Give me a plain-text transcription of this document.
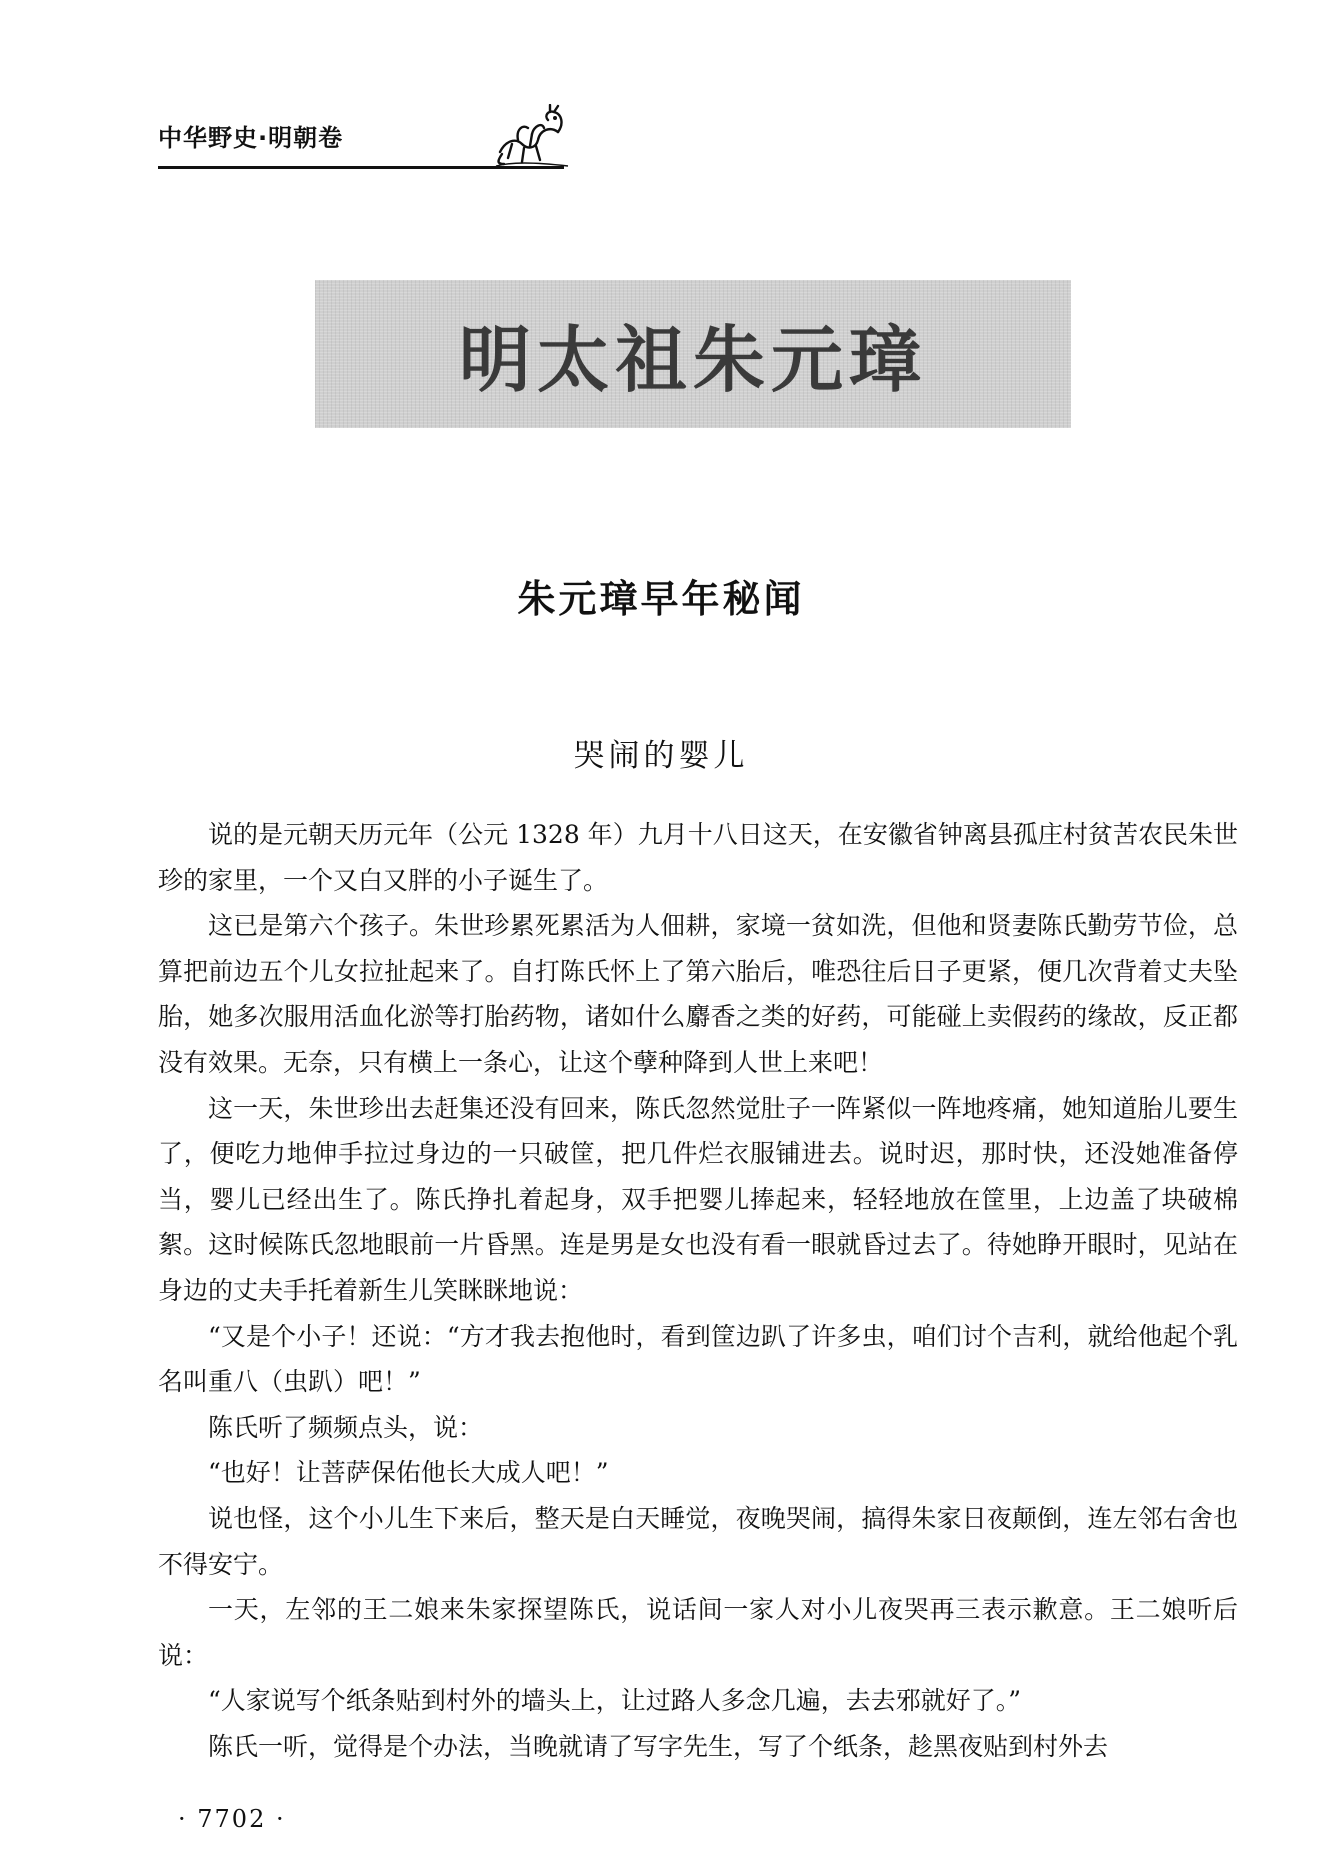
中华野史·明朝卷
明太祖朱元璋
朱元璋早年秘闻
哭闹的婴儿

说的是元朝天历元年（公元 1328 年）九月十八日这天，在安徽省钟离县孤庄村贫苦农民朱世珍的家里，一个又白又胖的小子诞生了。

这已是第六个孩子。朱世珍累死累活为人佃耕，家境一贫如洗，但他和贤妻陈氏勤劳节俭，总算把前边五个儿女拉扯起来了。自打陈氏怀上了第六胎后，唯恐往后日子更紧，便几次背着丈夫坠胎，她多次服用活血化淤等打胎药物，诸如什么麝香之类的好药，可能碰上卖假药的缘故，反正都没有效果。无奈，只有横上一条心，让这个孽种降到人世上来吧！

这一天，朱世珍出去赶集还没有回来，陈氏忽然觉肚子一阵紧似一阵地疼痛，她知道胎儿要生了，便吃力地伸手拉过身边的一只破筐，把几件烂衣服铺进去。说时迟，那时快，还没她准备停当，婴儿已经出生了。陈氏挣扎着起身，双手把婴儿捧起来，轻轻地放在筐里，上边盖了块破棉絮。这时候陈氏忽地眼前一片昏黑。连是男是女也没有看一眼就昏过去了。待她睁开眼时，见站在身边的丈夫手托着新生儿笑眯眯地说：

“又是个小子！还说：“方才我去抱他时，看到筐边趴了许多虫，咱们讨个吉利，就给他起个乳名叫重八（虫趴）吧！”

陈氏听了频频点头，说：

“也好！让菩萨保佑他长大成人吧！”

说也怪，这个小儿生下来后，整天是白天睡觉，夜晚哭闹，搞得朱家日夜颠倒，连左邻右舍也不得安宁。

一天，左邻的王二娘来朱家探望陈氏，说话间一家人对小儿夜哭再三表示歉意。王二娘听后说：

“人家说写个纸条贴到村外的墙头上，让过路人多念几遍，去去邪就好了。”

陈氏一听，觉得是个办法，当晚就请了写字先生，写了个纸条，趁黑夜贴到村外去

· 7702 ·
